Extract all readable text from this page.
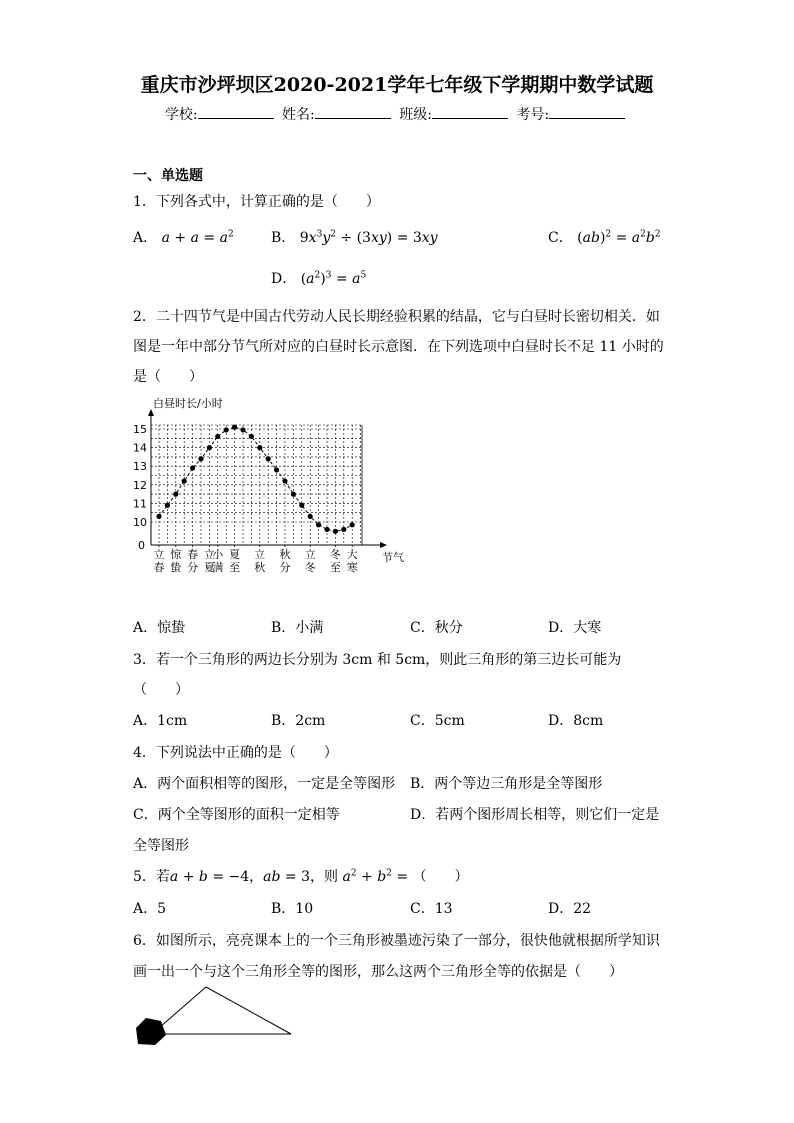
重庆市沙坪坝区2020-2021学年七年级下学期期中数学试题
学校:	姓名:	班级:	考号:
一、单选题
1．下列各式中，计算正确的是（　　）
A． $a + a = a^2$	B． $9x^3y^2 \div (3xy) = 3xy$	C． $(ab)^2 = a^2b^2$
D． $(a^2)^3 = a^5$
2．二十四节气是中国古代劳动人民长期经验积累的结晶，它与白昼时长密切相关．如
图是一年中部分节气所对应的白昼时长示意图．在下列选项中白昼时长不足 11 小时的
是（　　）
白昼时长/小时
10
11
12
13
14
15
0
立
春
惊
蛰
春
分
立
夏
小
满
夏
至
立
秋
秋
分
立
冬
冬
至
大
寒
节气
A．惊蛰	B．小满	C．秋分	D．大寒
3．若一个三角形的两边长分别为 3cm 和 5cm，则此三角形的第三边长可能为
（　　）
A．1cm	B．2cm	C．5cm	D．8cm
4．下列说法中正确的是（　　）
A．两个面积相等的图形，一定是全等图形 B．两个等边三角形是全等图形
C．两个全等图形的面积一定相等	D．若两个图形周长相等，则它们一定是
全等图形
5．若a + b = −4，ab = 3，则 $a^2 + b^2$ = （　　）
A．5	B．10	C．13	D．22
6．如图所示，亮亮课本上的一个三角形被墨迹污染了一部分，很快他就根据所学知识
画一出一个与这个三角形全等的图形，那么这两个三角形全等的依据是（　　）
